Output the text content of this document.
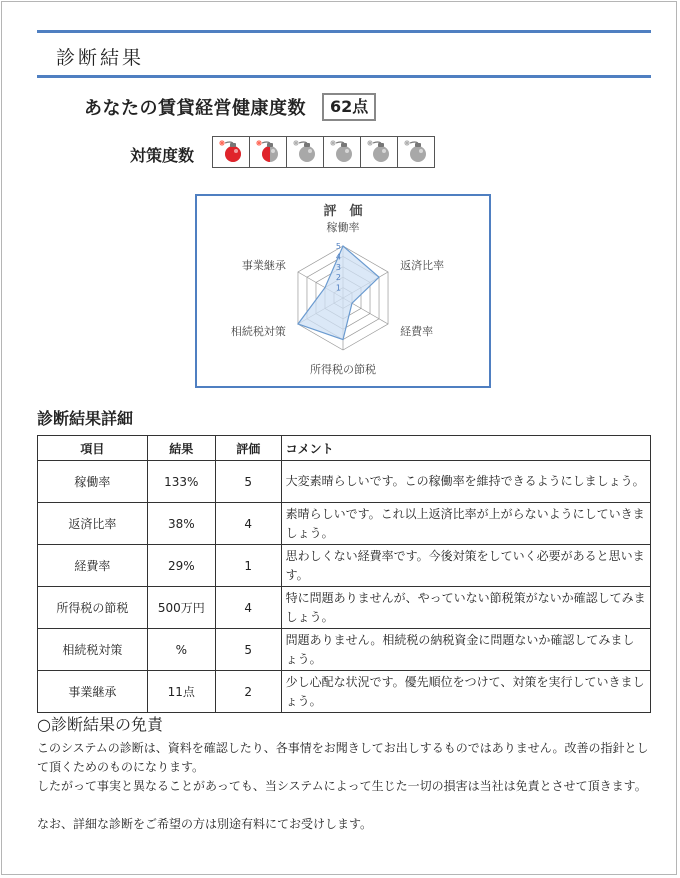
診断結果
あなたの賃貸経営健康度数	62点
対策度数
評　価
稼働率
返済比率
経費率
所得税の節税
相続税対策
事業継承
1
2
3
4
5
診断結果詳細
項目	結果	評価	コメント
稼働率	133%	5	大変素晴らしいです。この稼働率を維持できるようにしましょう。
返済比率	38%	4	素晴らしいです。これ以上返済比率が上がらないようにしていきましょう。
経費率	29%	1	思わしくない経費率です。今後対策をしていく必要があると思います。
所得税の節税	500万円	4	特に問題ありませんが、やっていない節税策がないか確認してみましょう。
相続税対策	%	5	問題ありません。相続税の納税資金に問題ないか確認してみましょう。
事業継承	11点	2	少し心配な状況です。優先順位をつけて、対策を実行していきましょう。
○診断結果の免責
このシステムの診断は、資料を確認したり、各事情をお聞きしてお出しするものではありません。改善の指針として頂くためのものになります。
したがって事実と異なることがあっても、当システムによって生じた一切の損害は当社は免責とさせて頂きます。
なお、詳細な診断をご希望の方は別途有料にてお受けします。
